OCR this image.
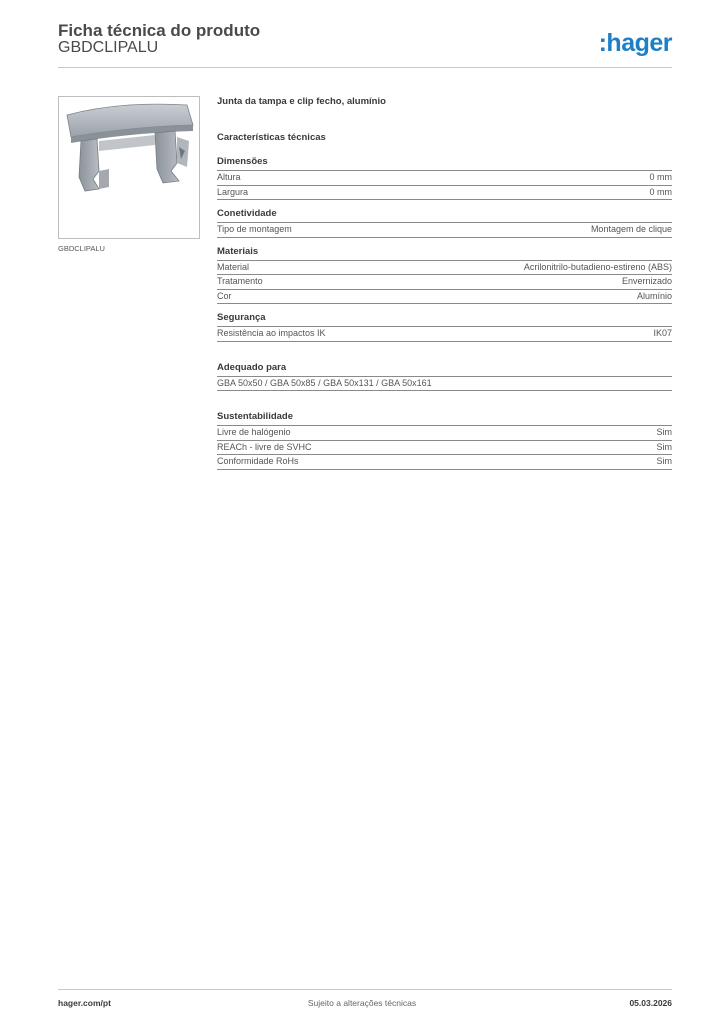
Ficha técnica do produto
GBDCLIPALU	:hager
GBDCLIPALU
Junta da tampa e clip fecho, alumínio
Características técnicas
Dimensões
Altura	0 mm
Largura	0 mm
Conetividade
Tipo de montagem	Montagem de clique
Materiais
Material	Acrilonitrilo-butadieno-estireno (ABS)
Tratamento	Envernizado
Cor	Alumínio
Segurança
Resistência ao impactos IK	IK07
Adequado para
GBA 50x50 / GBA 50x85 / GBA 50x131 / GBA 50x161
Sustentabilidade
Livre de halógenio	Sim
REACh - livre de SVHC	Sim
Conformidade RoHs	Sim
hager.com/pt	Sujeito a alterações técnicas	05.03.2026
